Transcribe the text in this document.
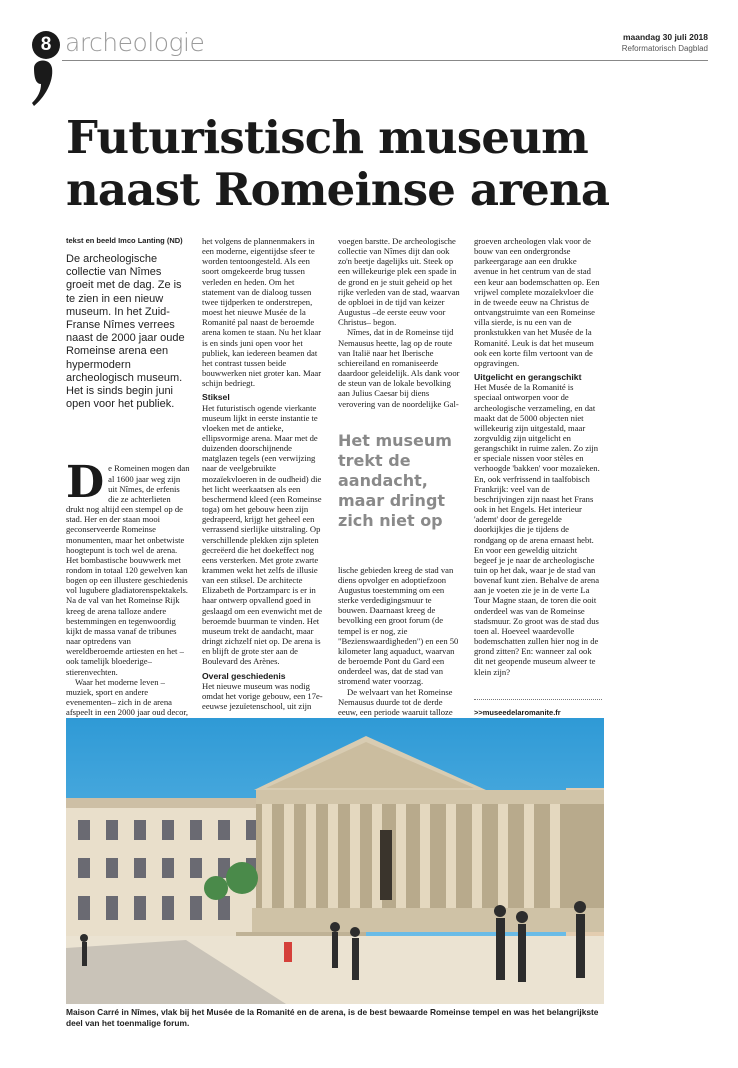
8 archeologie	maandag 30 juli 2018
Reformatorisch Dagblad
Futuristisch museum
naast Romeinse arena
tekst en beeld Imco Lanting (ND)
De archeologische collectie van Nîmes groeit met de dag. Ze is te zien in een nieuw museum. In het Zuid-Franse Nîmes verrees naast de 2000 jaar oude Romeinse arena een hypermodern archeologisch museum. Het is sinds begin juni open voor het publiek.
D e Romeinen mogen dan al 1600 jaar weg zijn uit Nîmes, de erfenis die ze achterlieten drukt nog altijd een stempel op de stad. Her en der staan mooi geconserveerde Romeinse monumenten, maar het onbetwiste hoogtepunt is toch wel de arena. Het bombastische bouwwerk met rondom in totaal 120 gewelven kan bogen op een illustere geschiedenis vol lugubere gladiatorenspektakels. Na de val van het Romeinse Rijk kreeg de arena talloze andere bestemmingen en tegenwoordig kijkt de massa vanaf de tribunes naar optredens van wereldberoemde artiesten en het –ook tamelijk bloederige– stierenvechten.

Waar het moderne leven –muziek, sport en andere evenementen– zich in de arena afspeelt in een 2000 jaar oud decor,

het volgens de plannenmakers in een moderne, eigentijdse sfeer te worden tentoongesteld. Als een soort omgekeerde brug tussen verleden en heden. Om het statement van de dialoog tussen twee tijdperken te onderstrepen, moest het nieuwe Musée de la Romanité pal naast de beroemde arena komen te staan. Nu het klaar is en sinds juni open voor het publiek, kan iedereen beamen dat het contrast tussen beide bouwwerken niet groter kan. Maar schijn bedriegt.

Stiksel

Het futuristisch ogende vierkante museum lijkt in eerste instantie te vloeken met de antieke, ellipsvormige arena. Maar met de duizenden doorschijnende matglazen tegels (een verwijzing naar de veelgebruikte mozaïekvloeren in de oudheid) die het licht weerkaatsen als een beschermend kleed (een Romeinse toga) om het gebouw heen zijn gedrapeerd, krijgt het geheel een verrassend sierlijke uitstraling. Op verschillende plekken zijn spleten gecreëerd die het doekeffect nog eens versterken. Met grote zwarte krammen wekt het zelfs de illusie van een stiksel. De architecte Elizabeth de Portzamparc is er in haar ontwerp opvallend goed in geslaagd om een evenwicht met de beroemde buurman te vinden. Het museum trekt de aandacht, maar dringt zichzelf niet op. De arena is en blijft de grote ster aan de Boulevard des Arènes.

Overal geschiedenis

Het nieuwe museum was nodig omdat het vorige gebouw, een 17e-eeuwse jezuïetenschool, uit zijn

voegen barstte. De archeologische collectie van Nîmes dijt dan ook zo'n beetje dagelijks uit. Steek op een willekeurige plek een spade in de grond en je stuit geheid op het rijke verleden van de stad, waarvan de opbloei in de tijd van keizer Augustus –de eerste eeuw voor Christus– begon.

Nîmes, dat in de Romeinse tijd Nemausus heette, lag op de route van Italië naar het Iberische schiereiland en romaniseerde daardoor geleidelijk. Als dank voor de steun van de lokale bevolking aan Julius Caesar bij diens verovering van de noordelijke Gal-

Het museum trekt de aandacht, maar dringt zich niet op

lische gebieden kreeg de stad van diens opvolger en adoptiefzoon Augustus toestemming om een sterke verdedigingsmuur te bouwen. Daarnaast kreeg de bevolking een groot forum (de tempel is er nog, zie "Bezienswaardigheden") en een 50 kilometer lang aquaduct, waarvan de beroemde Pont du Gard een onderdeel was, dat de stad van stromend water voorzag.

De welvaart van het Romeinse Nemausus duurde tot de derde eeuw, een periode waaruit talloze

groeven archeologen vlak voor de bouw van een ondergrondse parkeergarage aan een drukke avenue in het centrum van de stad een keur aan bodemschatten op. Een vrijwel complete mozaïekvloer die in de tweede eeuw na Christus de ontvangstruimte van een Romeinse villa sierde, is nu een van de pronkstukken van het Musée de la Romanité. Leuk is dat het museum ook een korte film vertoont van de opgravingen.

Uitgelicht en gerangschikt

Het Musée de la Romanité is speciaal ontworpen voor de archeologische verzameling, en dat maakt dat de 5000 objecten niet willekeurig zijn uitgestald, maar zorgvuldig zijn uitgelicht en gerangschikt in ruime zalen. Zo zijn er speciale nissen voor stèles en verhoogde 'bakken' voor mozaïeken. En, ook verfrissend in taalfobisch Frankrijk: veel van de beschrijvingen zijn naast het Frans ook in het Engels. Het interieur 'ademt' door de geregelde doorkijkjes die je tijdens de rondgang op de arena ernaast hebt. En voor een geweldig uitzicht begeef je je naar de archeologische tuin op het dak, waar je de stad van bovenaf kunt zien. Behalve de arena aan je voeten zie je in de verte La Tour Magne staan, de toren die ooit onderdeel was van de Romeinse stadsmuur. Zo groot was de stad dus toen al. Hoeveel waardevolle bodemschatten zullen hier nog in de grond zitten? En: wanneer zal ook dit net geopende museum alweer te klein zijn?

>>museedelaromanite.fr
Maison Carré in Nîmes, vlak bij het Musée de la Romanité en de arena, is de best bewaarde Romeinse tempel en was het belangrijkste deel van het toenmalige forum.
